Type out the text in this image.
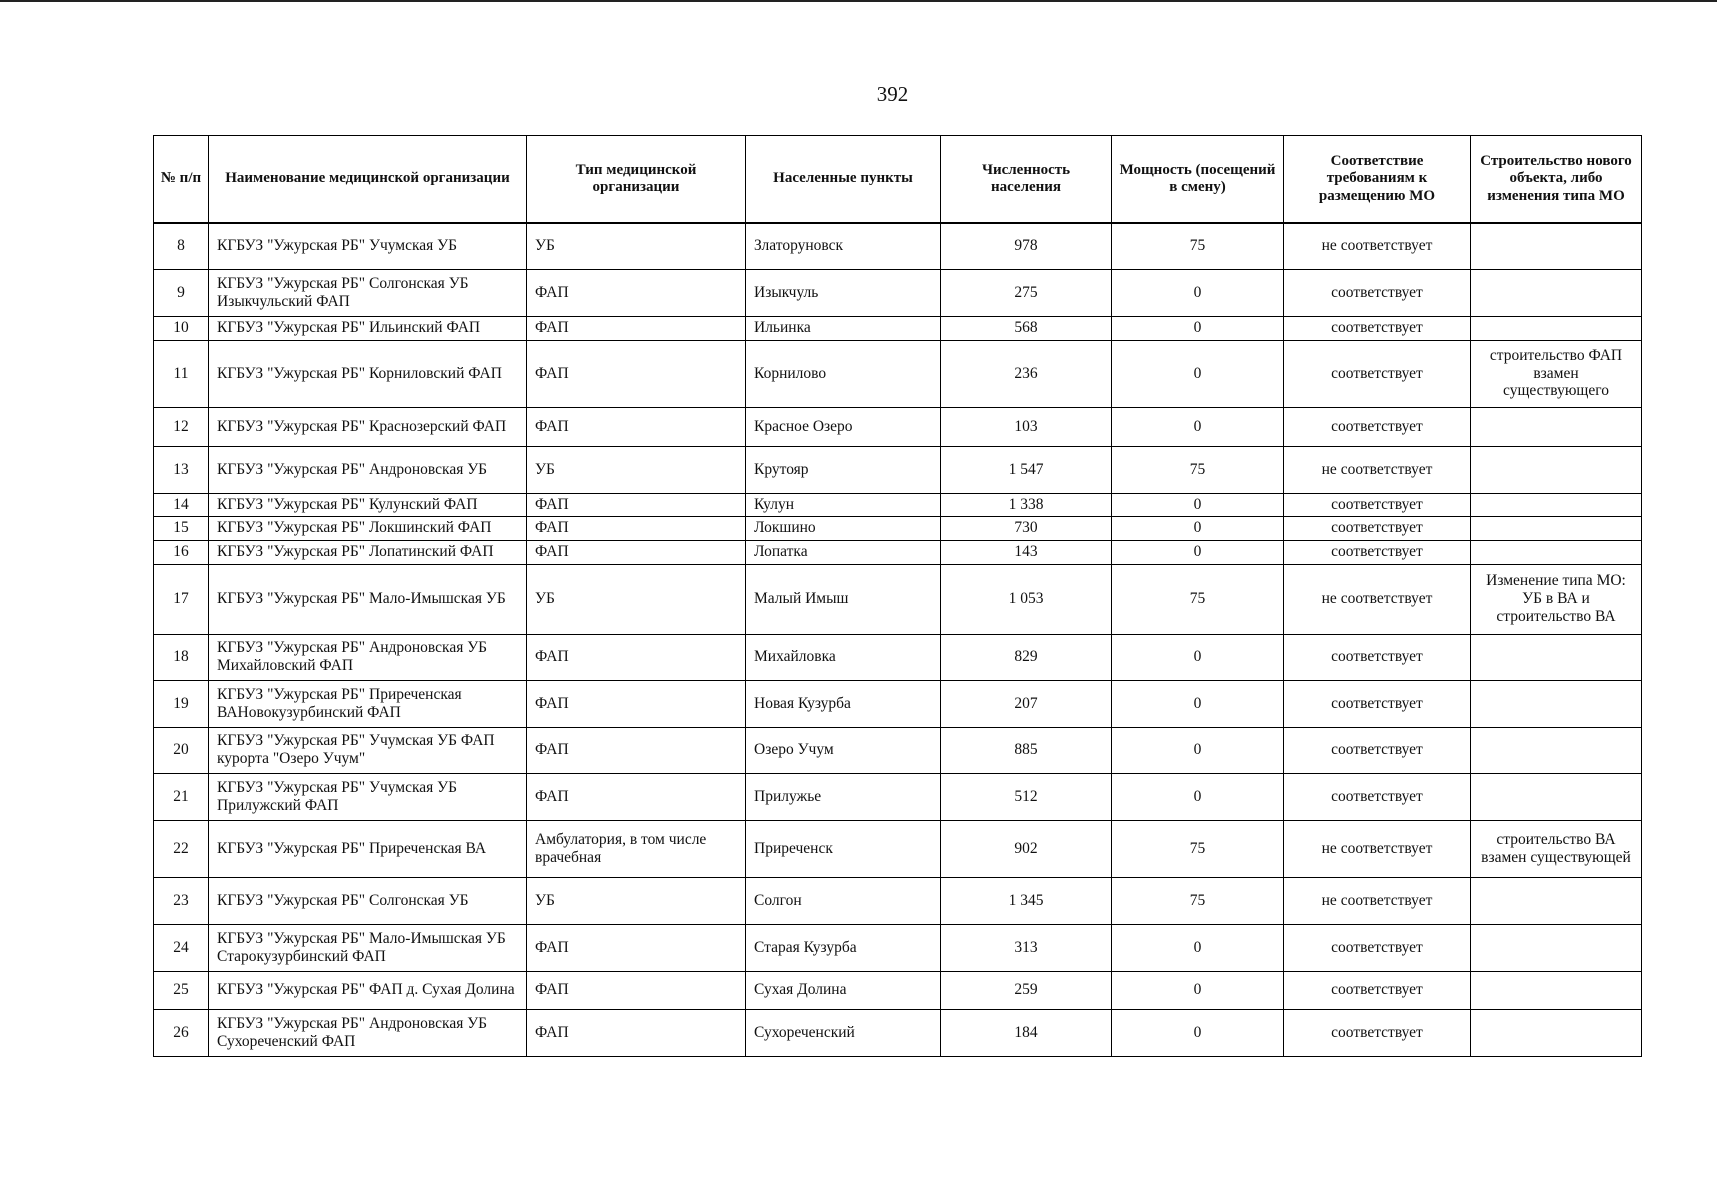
392
№ п/п	Наименование медицинской организации	Тип медицинской организации	Населенные пункты	Численность населения	Мощность (посещений в смену)	Соответствие требованиям к размещению МО	Строительство нового объекта, либо изменения типа МО
8	КГБУЗ "Ужурская РБ" Учумская УБ	УБ	Златоруновск	978	75	не соответствует	
9	КГБУЗ "Ужурская РБ" Солгонская УБ Изыкчульский ФАП	ФАП	Изыкчуль	275	0	соответствует	
10	КГБУЗ "Ужурская РБ" Ильинский ФАП	ФАП	Ильинка	568	0	соответствует	
11	КГБУЗ "Ужурская РБ" Корниловский ФАП	ФАП	Корнилово	236	0	соответствует	строительство ФАП взамен существующего
12	КГБУЗ "Ужурская РБ" Краснозерский ФАП	ФАП	Красное Озеро	103	0	соответствует	
13	КГБУЗ "Ужурская РБ" Андроновская УБ	УБ	Крутояр	1 547	75	не соответствует	
14	КГБУЗ "Ужурская РБ" Кулунский ФАП	ФАП	Кулун	1 338	0	соответствует	
15	КГБУЗ "Ужурская РБ" Локшинский ФАП	ФАП	Локшино	730	0	соответствует	
16	КГБУЗ "Ужурская РБ" Лопатинский ФАП	ФАП	Лопатка	143	0	соответствует	
17	КГБУЗ "Ужурская РБ" Мало-Имышская УБ	УБ	Малый Имыш	1 053	75	не соответствует	Изменение типа МО: УБ в ВА и строительство ВА
18	КГБУЗ "Ужурская РБ" Андроновская УБ Михайловский ФАП	ФАП	Михайловка	829	0	соответствует	
19	КГБУЗ "Ужурская РБ" Приреченская ВАНовокузурбинский ФАП	ФАП	Новая Кузурба	207	0	соответствует	
20	КГБУЗ "Ужурская РБ" Учумская УБ ФАП курорта "Озеро Учум"	ФАП	Озеро Учум	885	0	соответствует	
21	КГБУЗ "Ужурская РБ" Учумская УБ Прилужский ФАП	ФАП	Прилужье	512	0	соответствует	
22	КГБУЗ "Ужурская РБ" Приреченская ВА	Амбулатория, в том числе врачебная	Приреченск	902	75	не соответствует	строительство ВА взамен существующей
23	КГБУЗ "Ужурская РБ" Солгонская УБ	УБ	Солгон	1 345	75	не соответствует	
24	КГБУЗ "Ужурская РБ" Мало-Имышская УБ Старокузурбинский ФАП	ФАП	Старая Кузурба	313	0	соответствует	
25	КГБУЗ "Ужурская РБ" ФАП д. Сухая Долина	ФАП	Сухая Долина	259	0	соответствует	
26	КГБУЗ "Ужурская РБ" Андроновская УБ Сухореченский ФАП	ФАП	Сухореченский	184	0	соответствует	
